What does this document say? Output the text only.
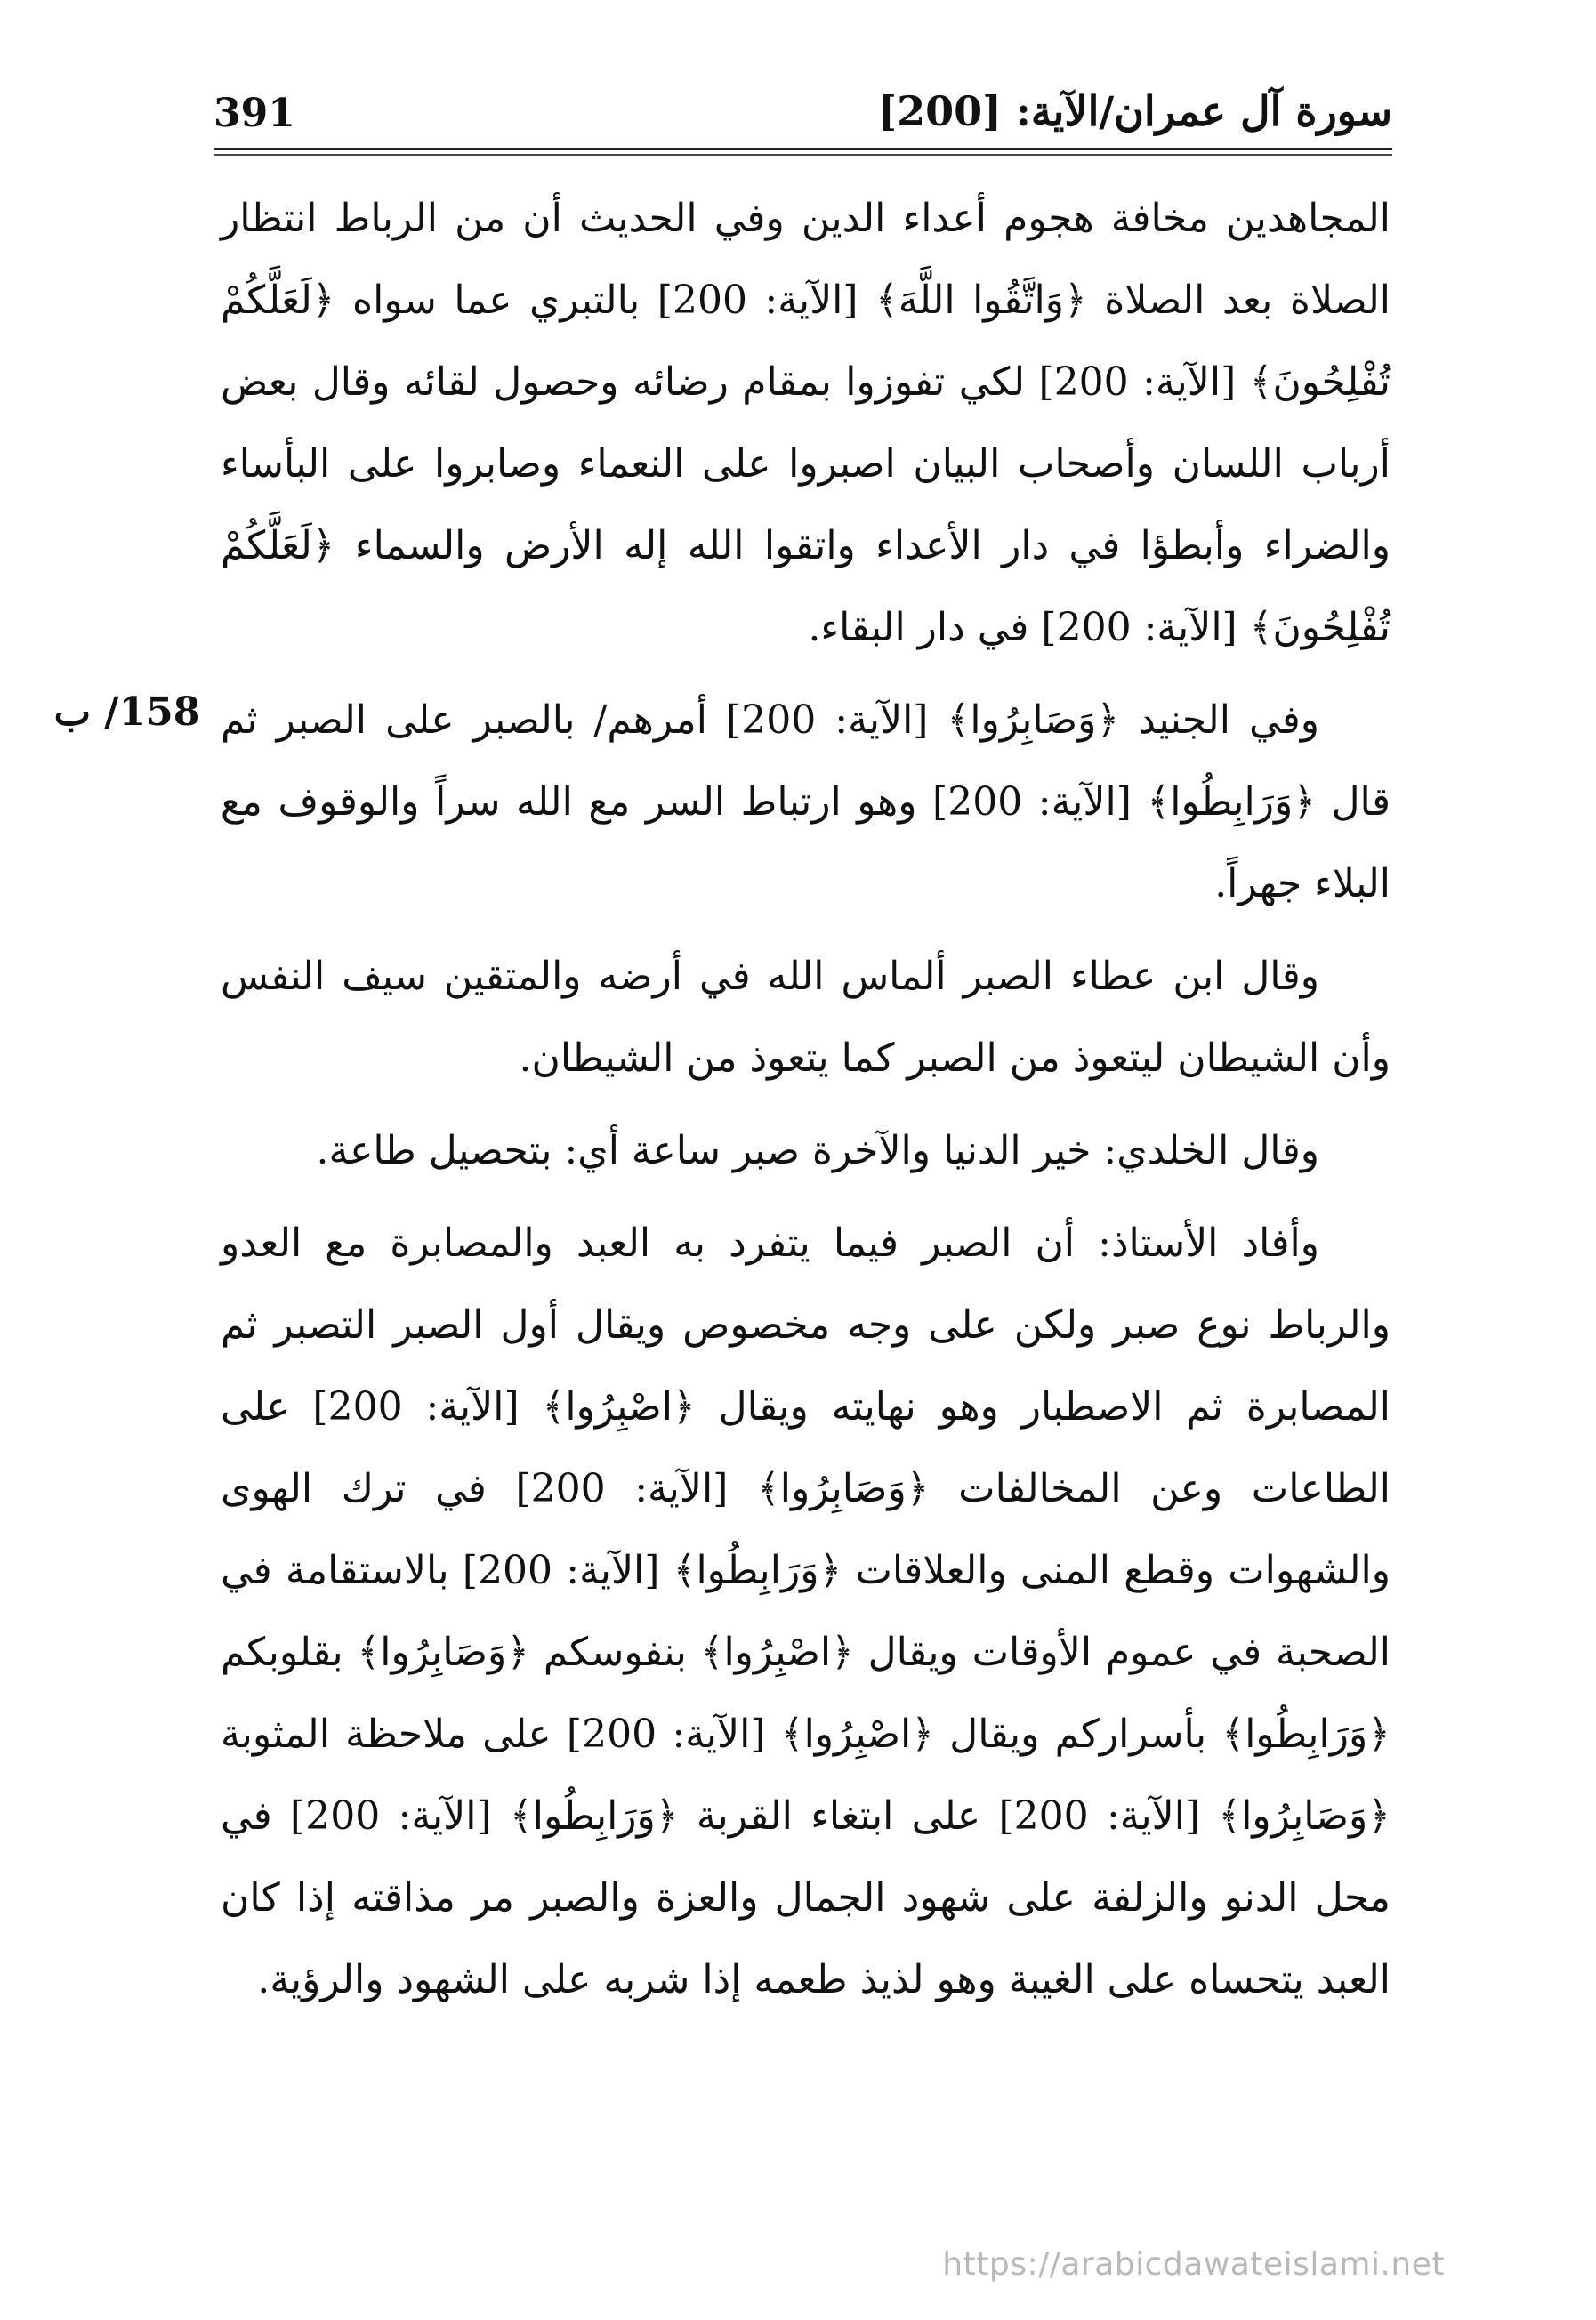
391	سورة آل عمران/الآية: [200]

المجاهدين مخافة هجوم أعداء الدين وفي الحديث أن من الرباط انتظار الصلاة بعد الصلاة ﴿وَاتَّقُوا اللَّهَ﴾ [الآية: 200] بالتبري عما سواه ﴿لَعَلَّكُمْ تُفْلِحُونَ﴾ [الآية: 200] لكي تفوزوا بمقام رضائه وحصول لقائه وقال بعض أرباب اللسان وأصحاب البيان اصبروا على النعماء وصابروا على البأساء والضراء وأبطؤا في دار الأعداء واتقوا الله إله الأرض والسماء ﴿لَعَلَّكُمْ تُفْلِحُونَ﴾ [الآية: 200] في دار البقاء.

وفي الجنيد ﴿وَصَابِرُوا﴾ [الآية: 200] أمرهم/ بالصبر على الصبر ثم قال ﴿وَرَابِطُوا﴾ [الآية: 200] وهو ارتباط السر مع الله سراً والوقوف مع البلاء جهراً.

وقال ابن عطاء الصبر ألماس الله في أرضه والمتقين سيف النفس وأن الشيطان ليتعوذ من الصبر كما يتعوذ من الشيطان.

وقال الخلدي: خير الدنيا والآخرة صبر ساعة أي: بتحصيل طاعة.

وأفاد الأستاذ: أن الصبر فيما يتفرد به العبد والمصابرة مع العدو والرباط نوع صبر ولكن على وجه مخصوص ويقال أول الصبر التصبر ثم المصابرة ثم الاصطبار وهو نهايته ويقال ﴿اصْبِرُوا﴾ [الآية: 200] على الطاعات وعن المخالفات ﴿وَصَابِرُوا﴾ [الآية: 200] في ترك الهوى والشهوات وقطع المنى والعلاقات ﴿وَرَابِطُوا﴾ [الآية: 200] بالاستقامة في الصحبة في عموم الأوقات ويقال ﴿اصْبِرُوا﴾ بنفوسكم ﴿وَصَابِرُوا﴾ بقلوبكم ﴿وَرَابِطُوا﴾ بأسراركم ويقال ﴿اصْبِرُوا﴾ [الآية: 200] على ملاحظة المثوبة ﴿وَصَابِرُوا﴾ [الآية: 200] على ابتغاء القربة ﴿وَرَابِطُوا﴾ [الآية: 200] في محل الدنو والزلفة على شهود الجمال والعزة والصبر مر مذاقته إذا كان العبد يتحساه على الغيبة وهو لذيذ طعمه إذا شربه على الشهود والرؤية.

158/ ب
https://arabicdawateislami.net
